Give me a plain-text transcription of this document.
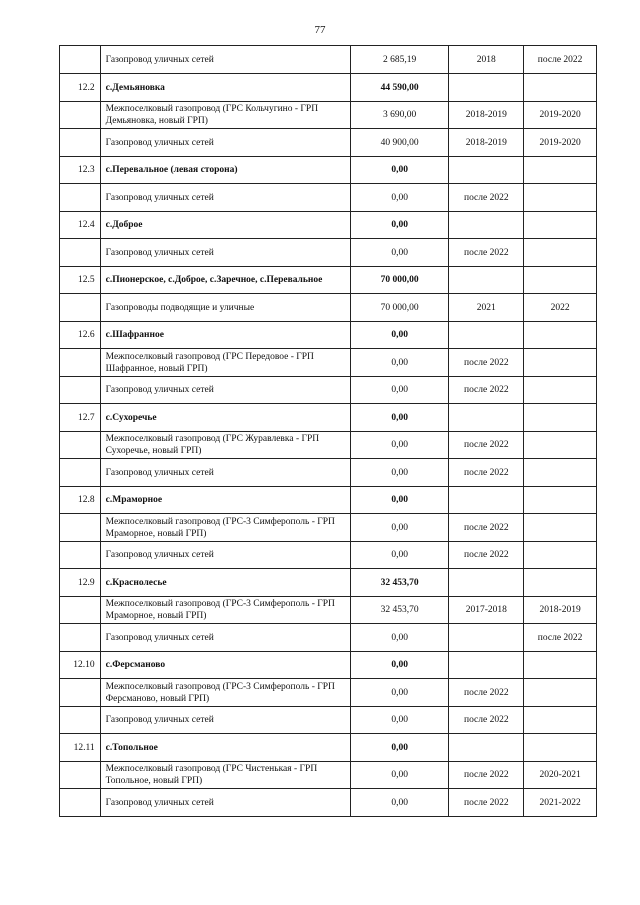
77
	Газопровод уличных сетей	2 685,19	2018	после 2022
12.2	с.Демьяновка	44 590,00		
	Межпоселковый газопровод (ГРС Кольчугино - ГРП Демьяновка, новый ГРП)	3 690,00	2018-2019	2019-2020
	Газопровод уличных сетей	40 900,00	2018-2019	2019-2020
12.3	с.Перевальное (левая сторона)	0,00		
	Газопровод уличных сетей	0,00	после 2022	
12.4	с.Доброе	0,00		
	Газопровод уличных сетей	0,00	после 2022	
12.5	с.Пионерское, с.Доброе, с.Заречное, с.Перевальное	70 000,00		
	Газопроводы подводящие и уличные	70 000,00	2021	2022
12.6	с.Шафранное	0,00		
	Межпоселковый газопровод (ГРС Передовое - ГРП Шафранное, новый ГРП)	0,00	после 2022	
	Газопровод уличных сетей	0,00	после 2022	
12.7	с.Сухоречье	0,00		
	Межпоселковый газопровод (ГРС Журавлевка - ГРП Сухоречье, новый ГРП)	0,00	после 2022	
	Газопровод уличных сетей	0,00	после 2022	
12.8	с.Мраморное	0,00		
	Межпоселковый газопровод (ГРС-3 Симферополь - ГРП Мраморное, новый ГРП)	0,00	после 2022	
	Газопровод уличных сетей	0,00	после 2022	
12.9	с.Краснолесье	32 453,70		
	Межпоселковый газопровод (ГРС-3 Симферополь - ГРП Мраморное, новый ГРП)	32 453,70	2017-2018	2018-2019
	Газопровод уличных сетей	0,00		после 2022
12.10	с.Ферсманово	0,00		
	Межпоселковый газопровод (ГРС-3 Симферополь - ГРП Ферсманово, новый ГРП)	0,00	после 2022	
	Газопровод уличных сетей	0,00	после 2022	
12.11	с.Топольное	0,00		
	Межпоселковый газопровод (ГРС Чистенькая - ГРП Топольное, новый ГРП)	0,00	после 2022	2020-2021
	Газопровод уличных сетей	0,00	после 2022	2021-2022
